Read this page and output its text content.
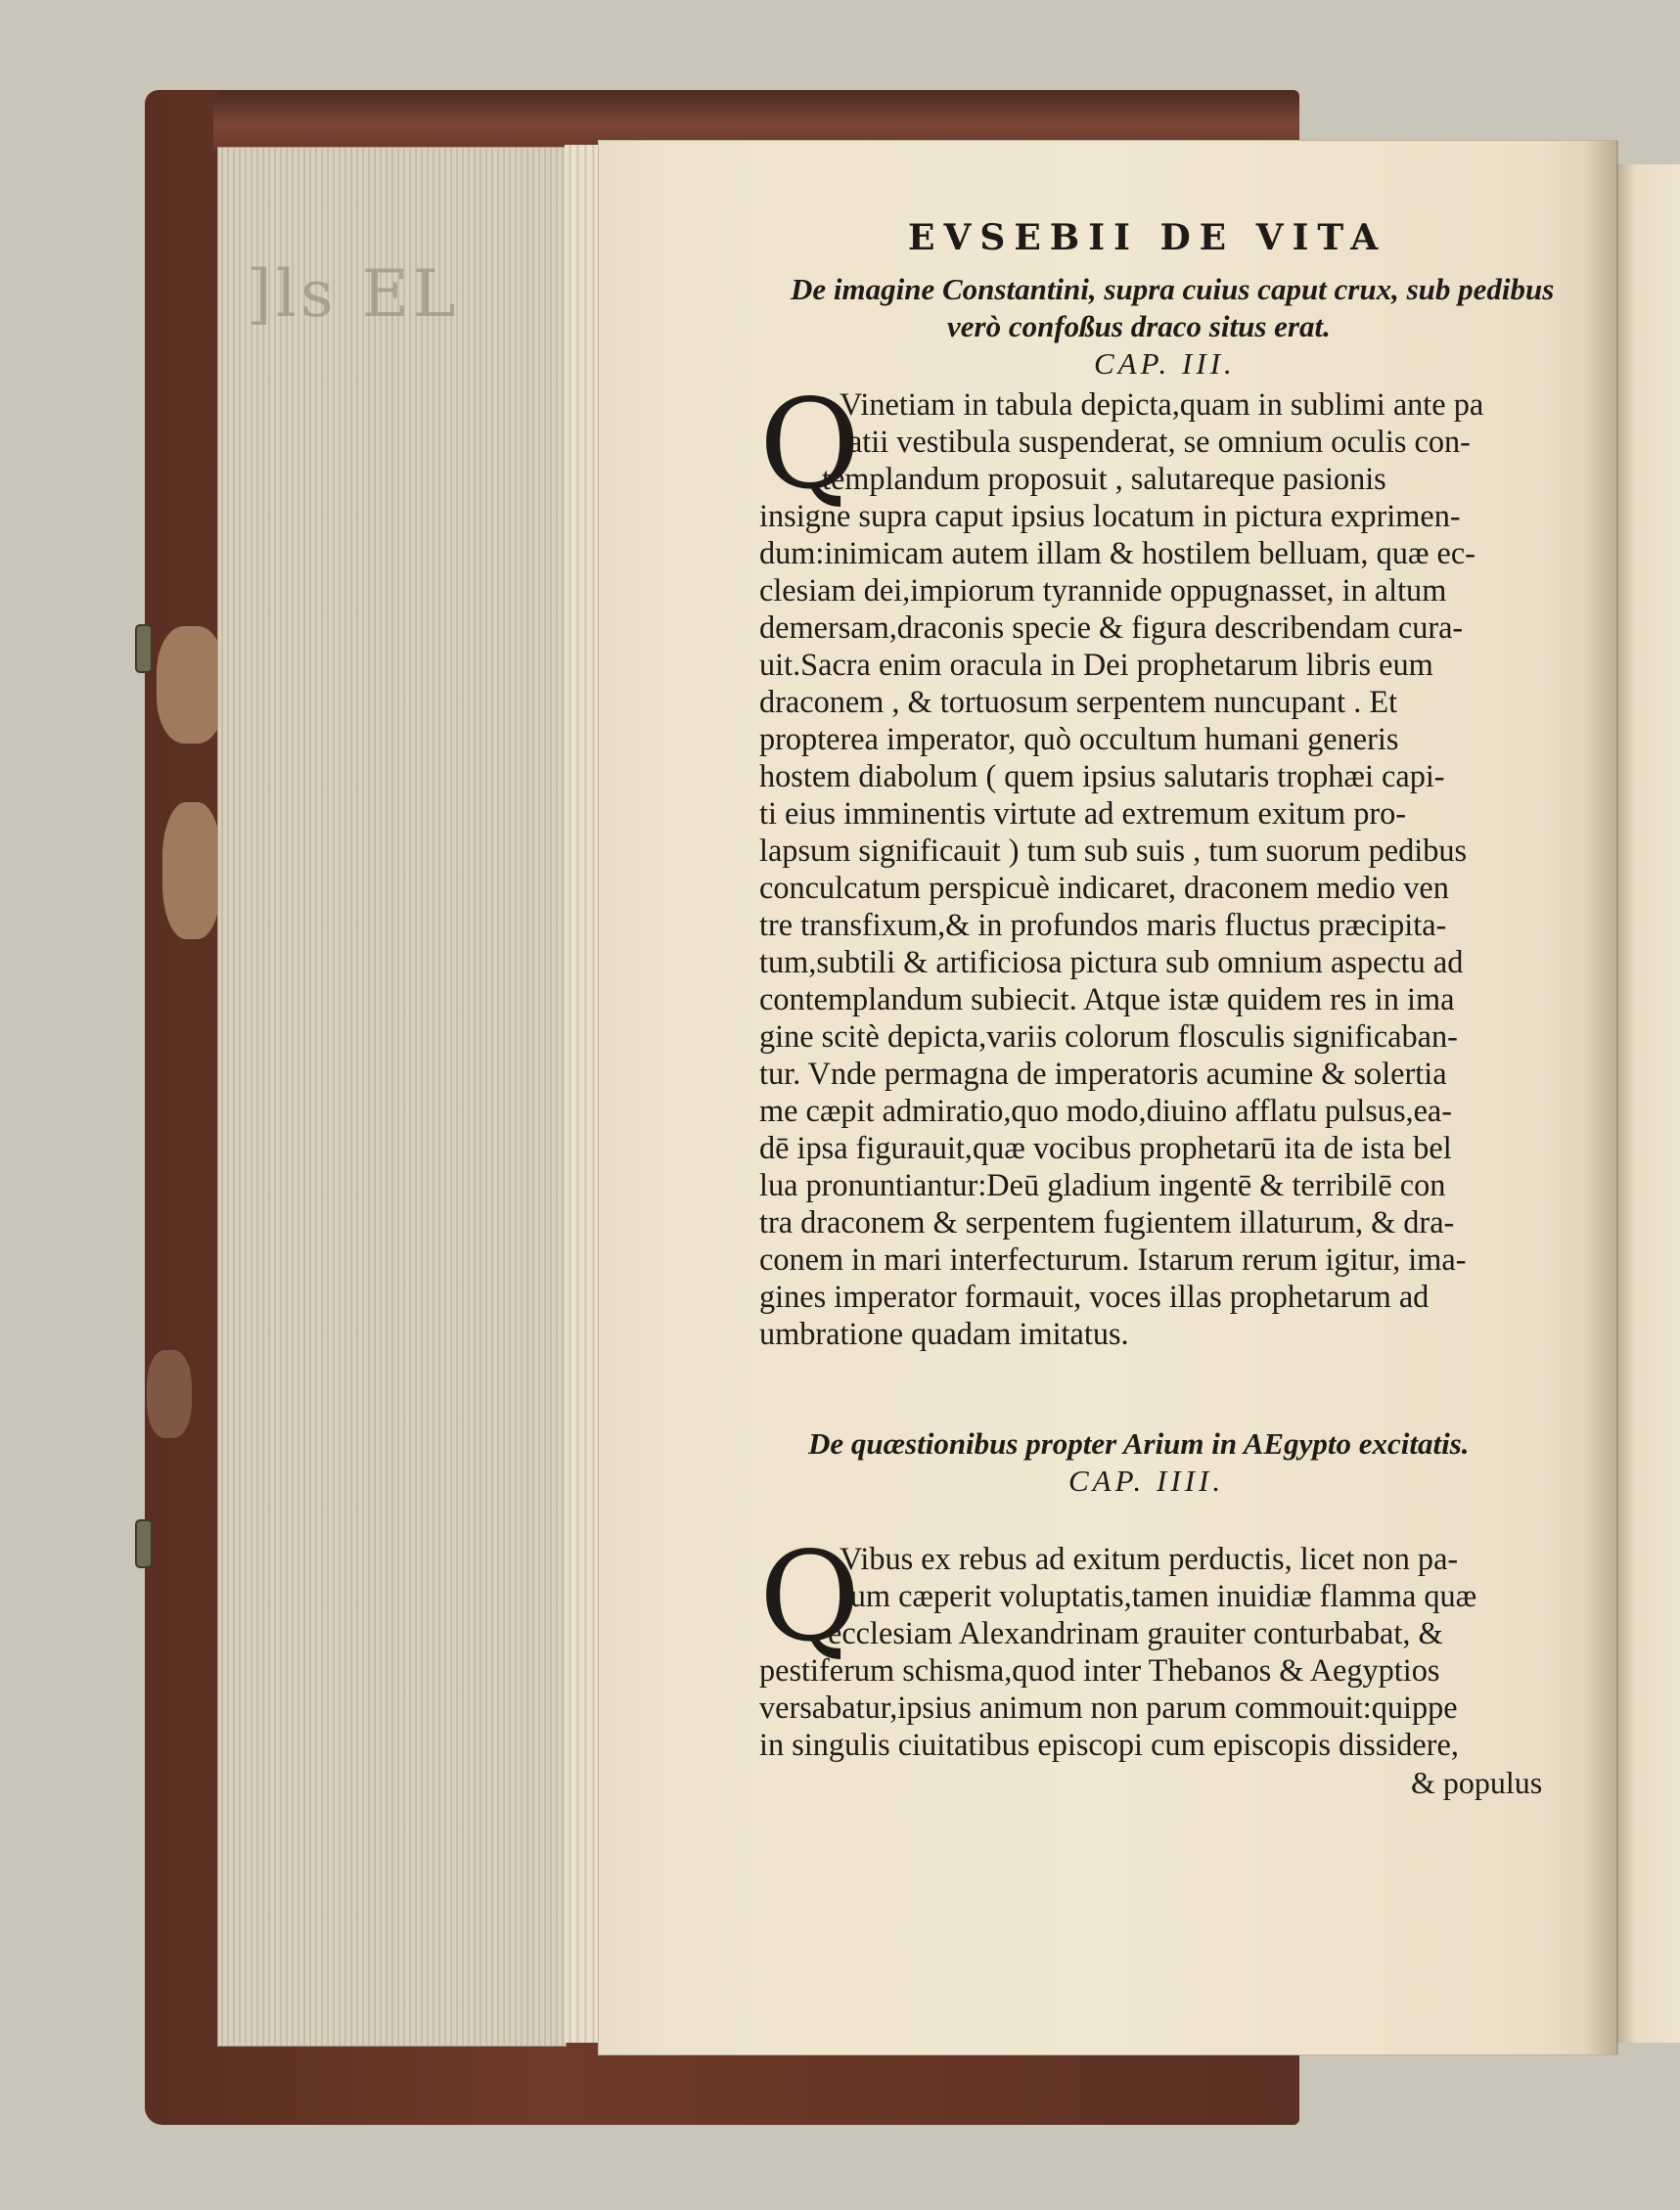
]ls EL
EVSEBII DE VITA
De imagine Constantini, supra cuius caput crux, sub pedibus
verò confoßus draco situs erat.
CAP. III.
Q
Vinetiam in tabula depicta,quam in sublimi ante pa
latii vestibula suspenderat, se omnium oculis con-
templandum proposuit , salutareque pasionis
insigne supra caput ipsius locatum in pictura exprimen-
dum:inimicam autem illam & hostilem belluam, quæ ec-
clesiam dei,impiorum tyrannide oppugnasset, in altum
demersam,draconis specie & figura describendam cura-
uit.Sacra enim oracula in Dei prophetarum libris eum
draconem , & tortuosum serpentem nuncupant . Et
propterea imperator, quò occultum humani generis
hostem diabolum ( quem ipsius salutaris trophæi capi-
ti eius imminentis virtute ad extremum exitum pro-
lapsum significauit ) tum sub suis , tum suorum pedibus
conculcatum perspicuè indicaret, draconem medio ven
tre transfixum,& in profundos maris fluctus præcipita-
tum,subtili & artificiosa pictura sub omnium aspectu ad
contemplandum subiecit. Atque istæ quidem res in ima
gine scitè depicta,variis colorum flosculis significaban-
tur. Vnde permagna de imperatoris acumine & solertia
me cæpit admiratio,quo modo,diuino afflatu pulsus,ea-
dē ipsa figurauit,quæ vocibus prophetarū ita de ista bel
lua pronuntiantur:Deū gladium ingentē & terribilē con
tra draconem & serpentem fugientem illaturum, & dra-
conem in mari interfecturum. Istarum rerum igitur, ima-
gines imperator formauit, voces illas prophetarum ad
umbratione quadam imitatus.
De quæstionibus propter Arium in AEgypto excitatis.
CAP. IIII.
Q
Vibus ex rebus ad exitum perductis, licet non pa-
rum cæperit voluptatis,tamen inuidiæ flamma quæ
ecclesiam Alexandrinam grauiter conturbabat, &
pestiferum schisma,quod inter Thebanos & Aegyptios
versabatur,ipsius animum non parum commouit:quippe
in singulis ciuitatibus episcopi cum episcopis dissidere,
& populus
